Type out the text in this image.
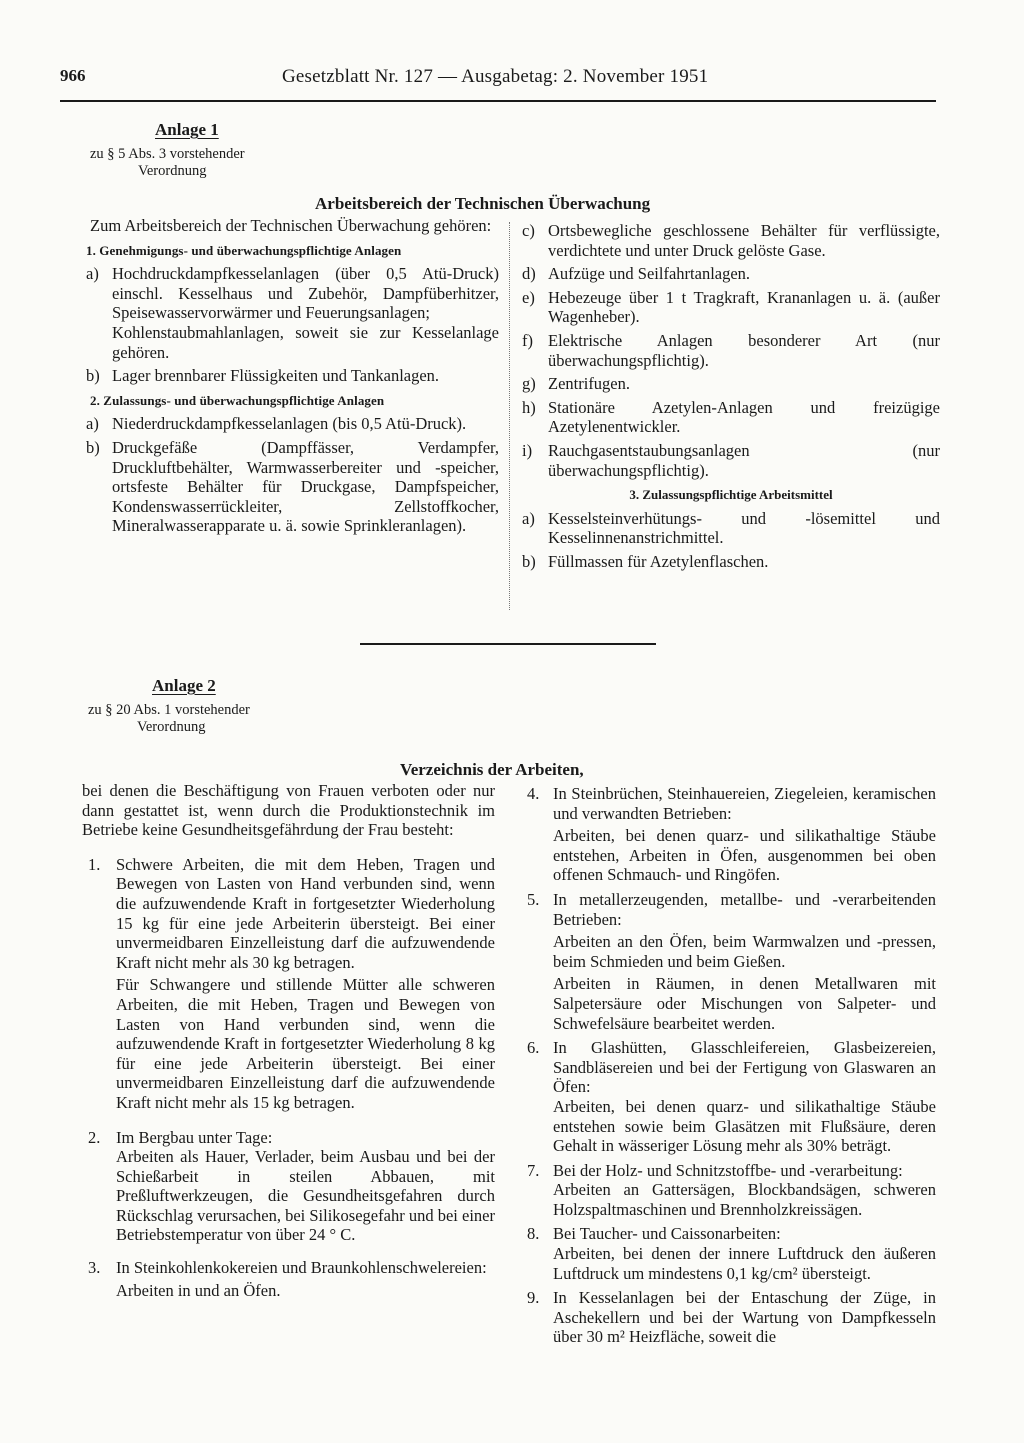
966	Gesetzblatt Nr. 127 — Ausgabetag: 2. November 1951
Anlage 1
zu § 5 Abs. 3 vorstehender
Verordnung
Arbeitsbereich der Technischen Überwachung

Zum Arbeitsbereich der Technischen Überwachung gehören:

1. Genehmigungs- und überwachungspflichtige Anlagen
a) Hochdruckdampfkesselanlagen (über 0,5 Atü-Druck) einschl. Kesselhaus und Zubehör, Dampfüberhitzer, Speisewasservorwärmer und Feuerungsanlagen;
Kohlenstaubmahlanlagen, soweit sie zur Kesselanlage gehören.
b) Lager brennbarer Flüssigkeiten und Tankanlagen.
2. Zulassungs- und überwachungspflichtige Anlagen
a) Niederdruckdampfkesselanlagen (bis 0,5 Atü-Druck).
b) Druckgefäße (Dampffässer, Verdampfer, Druckluftbehälter, Warmwasserbereiter und -speicher, ortsfeste Behälter für Druckgase, Dampfspeicher, Kondenswasserrückleiter, Zellstoffkocher, Mineralwasserapparate u. ä. sowie Sprinkleranlagen).
c) Ortsbewegliche geschlossene Behälter für verflüssigte, verdichtete und unter Druck gelöste Gase.
d) Aufzüge und Seilfahrtanlagen.
e) Hebezeuge über 1 t Tragkraft, Krananlagen u. ä. (außer Wagenheber).
f) Elektrische Anlagen besonderer Art (nur überwachungspflichtig).
g) Zentrifugen.
h) Stationäre Azetylen-Anlagen und freizügige Azetylenentwickler.
i) Rauchgasentstaubungsanlagen (nur überwachungspflichtig).
3. Zulassungspflichtige Arbeitsmittel
a) Kesselsteinverhütungs- und -lösemittel und Kesselinnenanstrichmittel.
b) Füllmassen für Azetylenflaschen.
Anlage 2
zu § 20 Abs. 1 vorstehender
Verordnung
Verzeichnis der Arbeiten,

bei denen die Beschäftigung von Frauen verboten oder nur dann gestattet ist, wenn durch die Produktionstechnik im Betriebe keine Gesundheitsgefährdung der Frau besteht:

1. Schwere Arbeiten, die mit dem Heben, Tragen und Bewegen von Lasten von Hand verbunden sind, wenn die aufzuwendende Kraft in fortgesetzter Wiederholung 15 kg für eine jede Arbeiterin übersteigt. Bei einer unvermeidbaren Einzelleistung darf die aufzuwendende Kraft nicht mehr als 30 kg betragen.
Für Schwangere und stillende Mütter alle schweren Arbeiten, die mit Heben, Tragen und Bewegen von Lasten von Hand verbunden sind, wenn die aufzuwendende Kraft in fortgesetzter Wiederholung 8 kg für eine jede Arbeiterin übersteigt. Bei einer unvermeidbaren Einzelleistung darf die aufzuwendende Kraft nicht mehr als 15 kg betragen.
2. Im Bergbau unter Tage:
Arbeiten als Hauer, Verlader, beim Ausbau und bei der Schießarbeit in steilen Abbauen, mit Preßluftwerkzeugen, die Gesundheitsgefahren durch Rückschlag verursachen, bei Silikosegefahr und bei einer Betriebstemperatur von über 24 ° C.
3. In Steinkohlenkokereien und Braunkohlenschwelereien:
Arbeiten in und an Öfen.
4. In Steinbrüchen, Steinhauereien, Ziegeleien, keramischen und verwandten Betrieben:
Arbeiten, bei denen quarz- und silikathaltige Stäube entstehen, Arbeiten in Öfen, ausgenommen bei oben offenen Schmauch- und Ringöfen.
5. In metallerzeugenden, metallbe- und -verarbeitenden Betrieben:
Arbeiten an den Öfen, beim Warmwalzen und -pressen, beim Schmieden und beim Gießen.
Arbeiten in Räumen, in denen Metallwaren mit Salpetersäure oder Mischungen von Salpeter- und Schwefelsäure bearbeitet werden.
6. In Glashütten, Glasschleifereien, Glasbeizereien, Sandbläsereien und bei der Fertigung von Glaswaren an Öfen:
Arbeiten, bei denen quarz- und silikathaltige Stäube entstehen sowie beim Glasätzen mit Flußsäure, deren Gehalt in wässeriger Lösung mehr als 30% beträgt.
7. Bei der Holz- und Schnitzstoffbe- und -verarbeitung:
Arbeiten an Gattersägen, Blockbandsägen, schweren Holzspaltmaschinen und Brennholzkreissägen.
8. Bei Taucher- und Caissonarbeiten:
Arbeiten, bei denen der innere Luftdruck den äußeren Luftdruck um mindestens 0,1 kg/cm² übersteigt.
9. In Kesselanlagen bei der Entaschung der Züge, in Aschekellern und bei der Wartung von Dampfkesseln über 30 m² Heizfläche, soweit die
